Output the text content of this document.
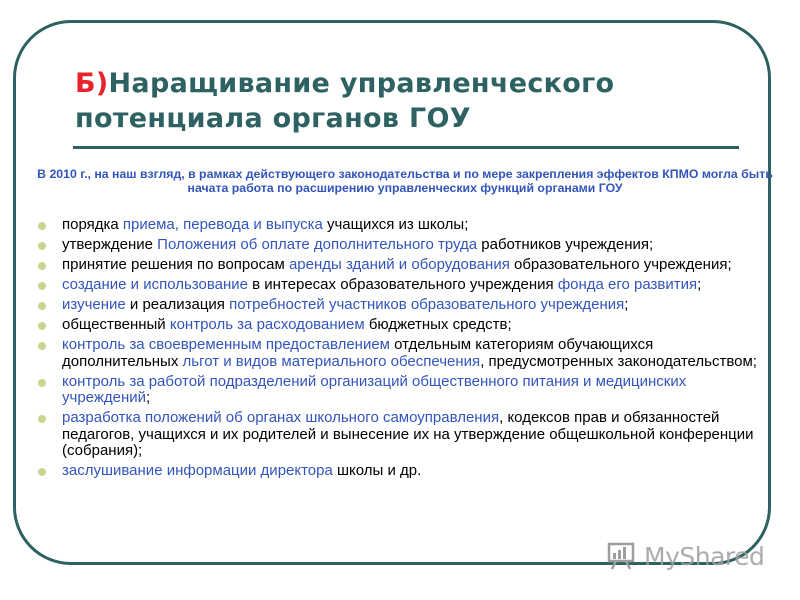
Б)Наращивание управленческого потенциала органов ГОУ

В 2010 г., на наш взгляд, в рамках действующего законодательства и по мере закрепления эффектов КПМО могла быть начата работа по расширению управленческих функций органами ГОУ

порядка приема, перевода и выпуска учащихся из школы;
утверждение Положения об оплате дополнительного труда работников учреждения;
принятие решения по вопросам аренды зданий и оборудования образовательного учреждения;
создание и использование в интересах образовательного учреждения фонда его развития;
изучение и реализация потребностей участников образовательного учреждения;
общественный контроль за расходованием бюджетных средств;
контроль за своевременным предоставлением отдельным категориям обучающихся дополнительных льгот и видов материального обеспечения, предусмотренных законодательством;
контроль за работой подразделений организаций общественного питания и медицинских учреждений;
разработка положений об органах школьного самоуправления, кодексов прав и обязанностей педагогов, учащихся и их родителей и вынесение их на утверждение общешкольной конференции (собрания);
заслушивание информации директора школы и др.
MyShared
